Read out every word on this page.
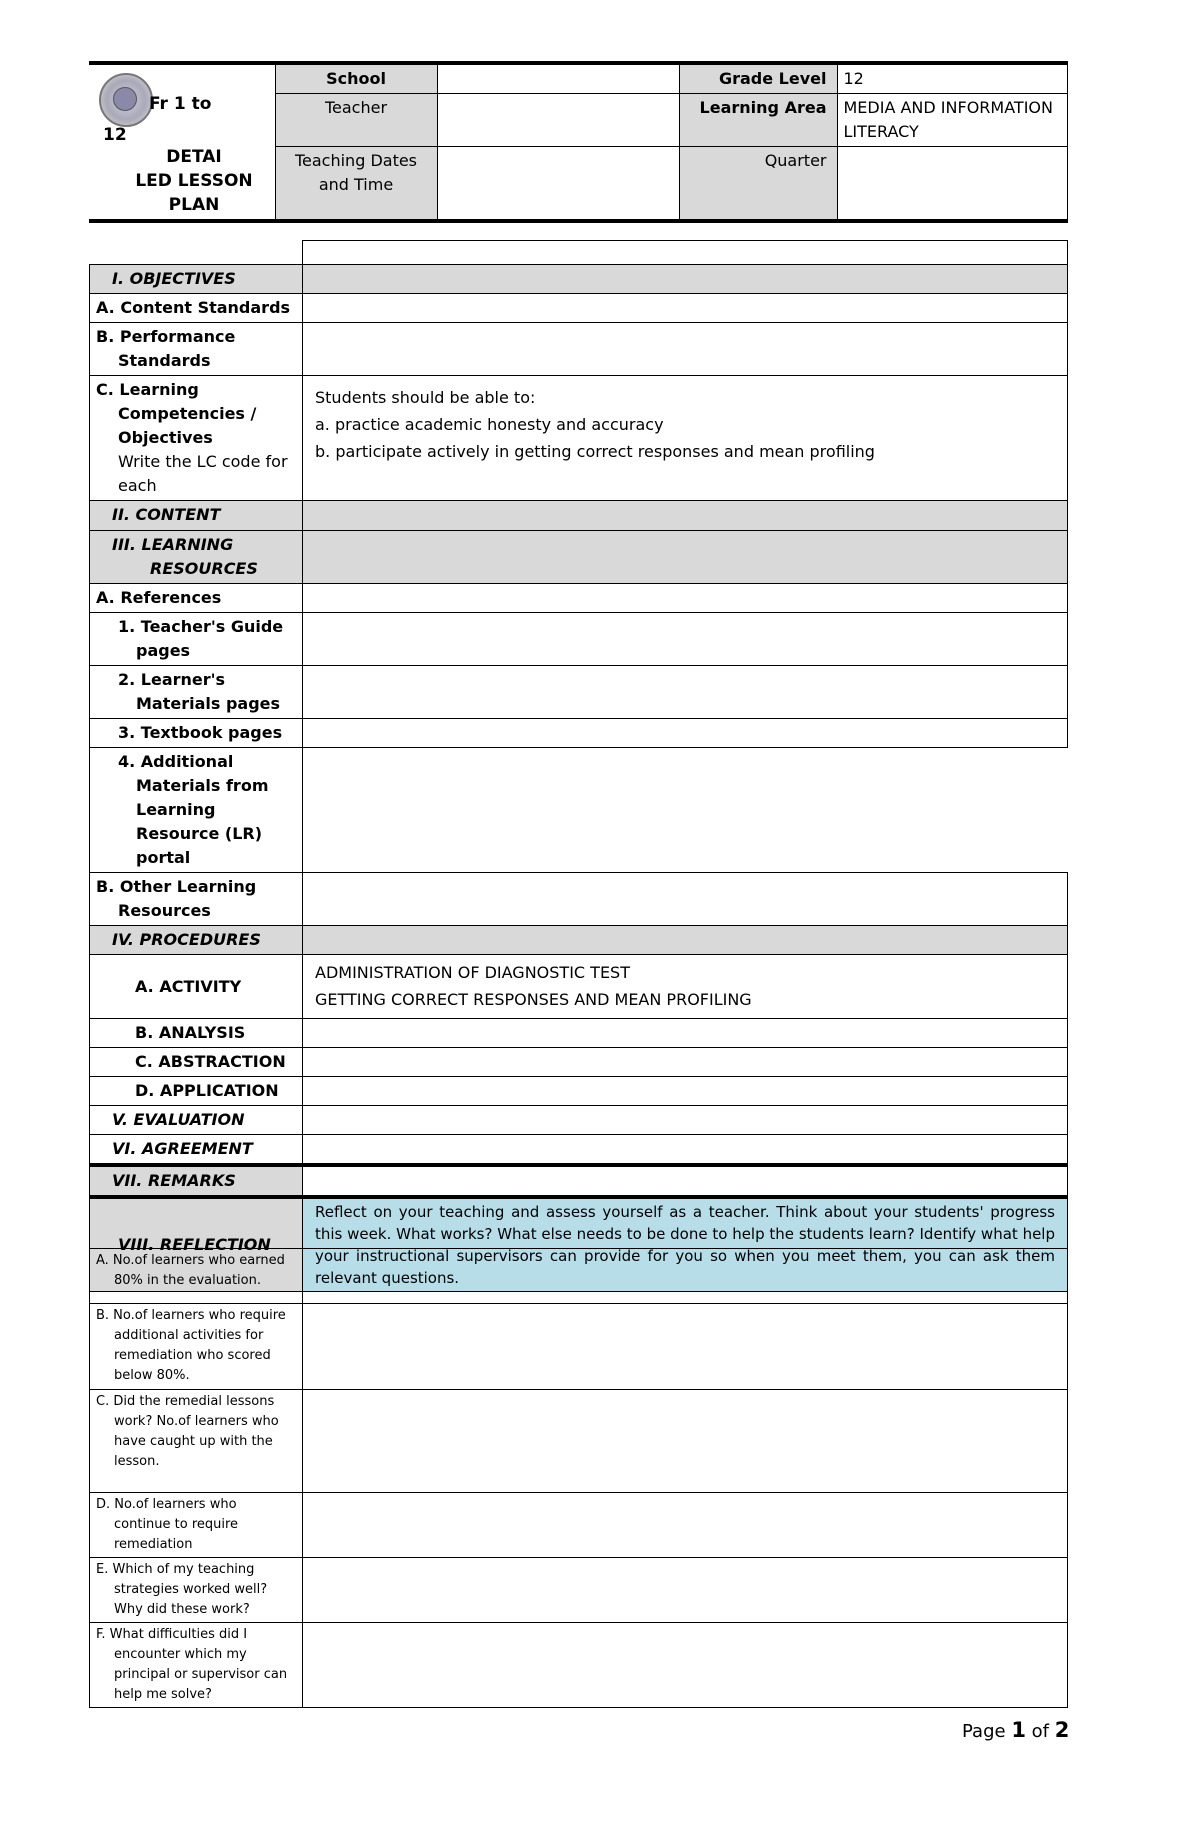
Fr 1 to
12
DETAI
LED LESSON
PLAN	School		Grade Level	12
	Teacher		Learning Area	MEDIA AND INFORMATION LITERACY
	Teaching Dates and Time		Quarter	

I. OBJECTIVES	
A. Content Standards	

B. Performance Standards	

C. Learning Competencies / Objectives
Write the LC code for each	Students should be able to:
a. practice academic honesty and accuracy
b. participate actively in getting correct responses and mean profiling

II. CONTENT	

III. LEARNING RESOURCES	

A. References	

1. Teacher's Guide pages	

2. Learner's Materials pages	

3. Textbook pages	

4. Additional Materials from Learning Resource (LR) portal	

B. Other Learning Resources	

IV. PROCEDURES	
A. ACTIVITY	ADMINISTRATION OF DIAGNOSTIC TEST
GETTING CORRECT RESPONSES AND MEAN PROFILING

B. ANALYSIS	
C. ABSTRACTION	
D. APPLICATION	
V. EVALUATION	
VI. AGREEMENT	
VII. REMARKS	
VIII. REFLECTION	Reflect on your teaching and assess yourself as a teacher. Think about your students' progress this week. What works? What else needs to be done to help the students learn? Identify what help your instructional supervisors can provide for you so when you meet them, you can ask them relevant questions.
A. No.of learners who earned 80% in the evaluation.	

B. No.of learners who require additional activities for remediation who scored below 80%.	

C. Did the remedial lessons work? No.of learners who have caught up with the lesson.	

D. No.of learners who continue to require remediation	

E. Which of my teaching strategies worked well? Why did these work?	

F. What difficulties did I encounter which my principal or supervisor can help me solve?	

Page 1 of 2
